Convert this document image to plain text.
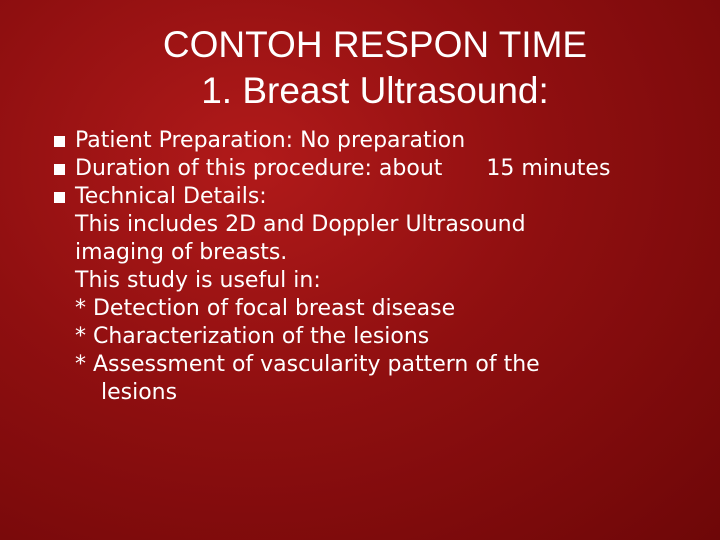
CONTOH RESPON TIME
1. Breast Ultrasound:
Patient Preparation: No preparation
Duration of this procedure: about 15 minutes
Technical Details:
This includes 2D and Doppler Ultrasound
imaging of breasts.
This study is useful in:
* Detection of focal breast disease
* Characterization of the lesions
* Assessment of vascularity pattern of the
lesions
